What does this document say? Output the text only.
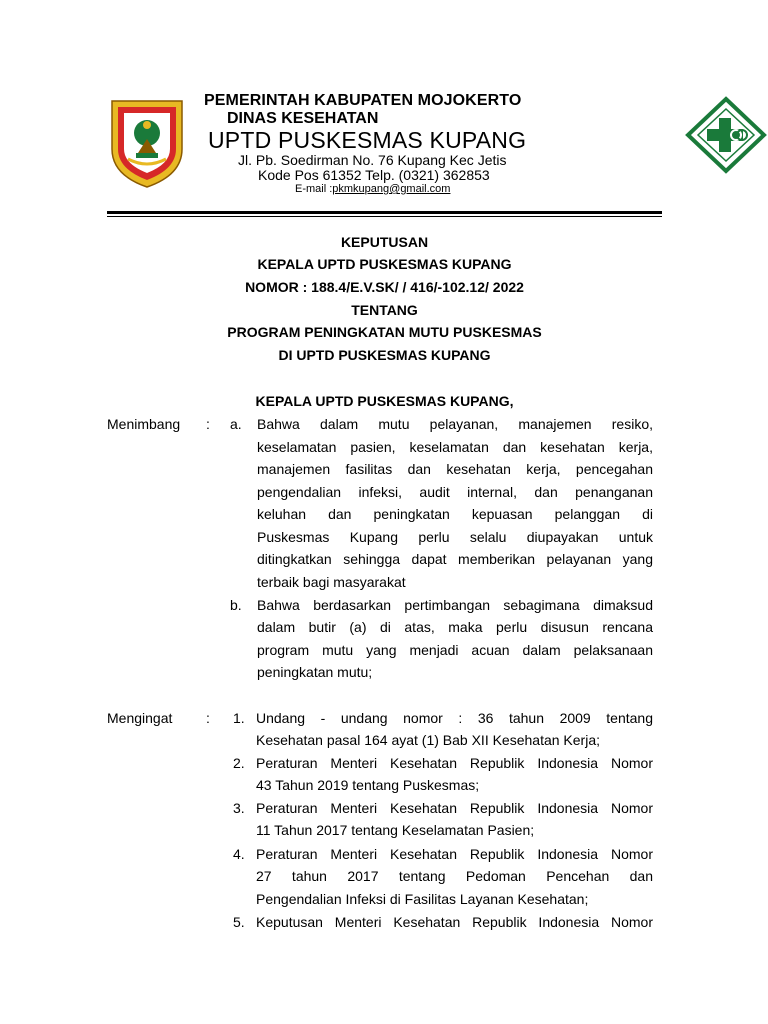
PEMERINTAH KABUPATEN MOJOKERTO
DINAS KESEHATAN
UPTD PUSKESMAS KUPANG
Jl. Pb. Soedirman No. 76 Kupang Kec Jetis
Kode Pos 61352 Telp. (0321) 362853
E-mail :pkmkupang@gmail.com
KEPUTUSAN
KEPALA UPTD PUSKESMAS KUPANG
NOMOR : 188.4/E.V.SK/ / 416/-102.12/ 2022
TENTANG
PROGRAM PENINGKATAN MUTU PUSKESMAS
DI UPTD PUSKESMAS KUPANG
KEPALA UPTD PUSKESMAS KUPANG,
Menimbang : a. Bahwa dalam mutu pelayanan, manajemen resiko,
keselamatan pasien, keselamatan dan kesehatan kerja,
manajemen fasilitas dan kesehatan kerja, pencegahan
pengendalian infeksi, audit internal, dan penanganan
keluhan dan peningkatan kepuasan pelanggan di
Puskesmas Kupang perlu selalu diupayakan untuk
ditingkatkan sehingga dapat memberikan pelayanan yang
terbaik bagi masyarakat
b. Bahwa berdasarkan pertimbangan sebagimana dimaksud
dalam butir (a) di atas, maka perlu disusun rencana
program mutu yang menjadi acuan dalam pelaksanaan
peningkatan mutu;
Mengingat : 1. Undang - undang nomor : 36 tahun 2009 tentang
Kesehatan pasal 164 ayat (1) Bab XII Kesehatan Kerja;
2. Peraturan Menteri Kesehatan Republik Indonesia Nomor
43 Tahun 2019 tentang Puskesmas;
3. Peraturan Menteri Kesehatan Republik Indonesia Nomor
11 Tahun 2017 tentang Keselamatan Pasien;
4. Peraturan Menteri Kesehatan Republik Indonesia Nomor
27 tahun 2017 tentang Pedoman Pencehan dan
Pengendalian Infeksi di Fasilitas Layanan Kesehatan;
5. Keputusan Menteri Kesehatan Republik Indonesia Nomor
